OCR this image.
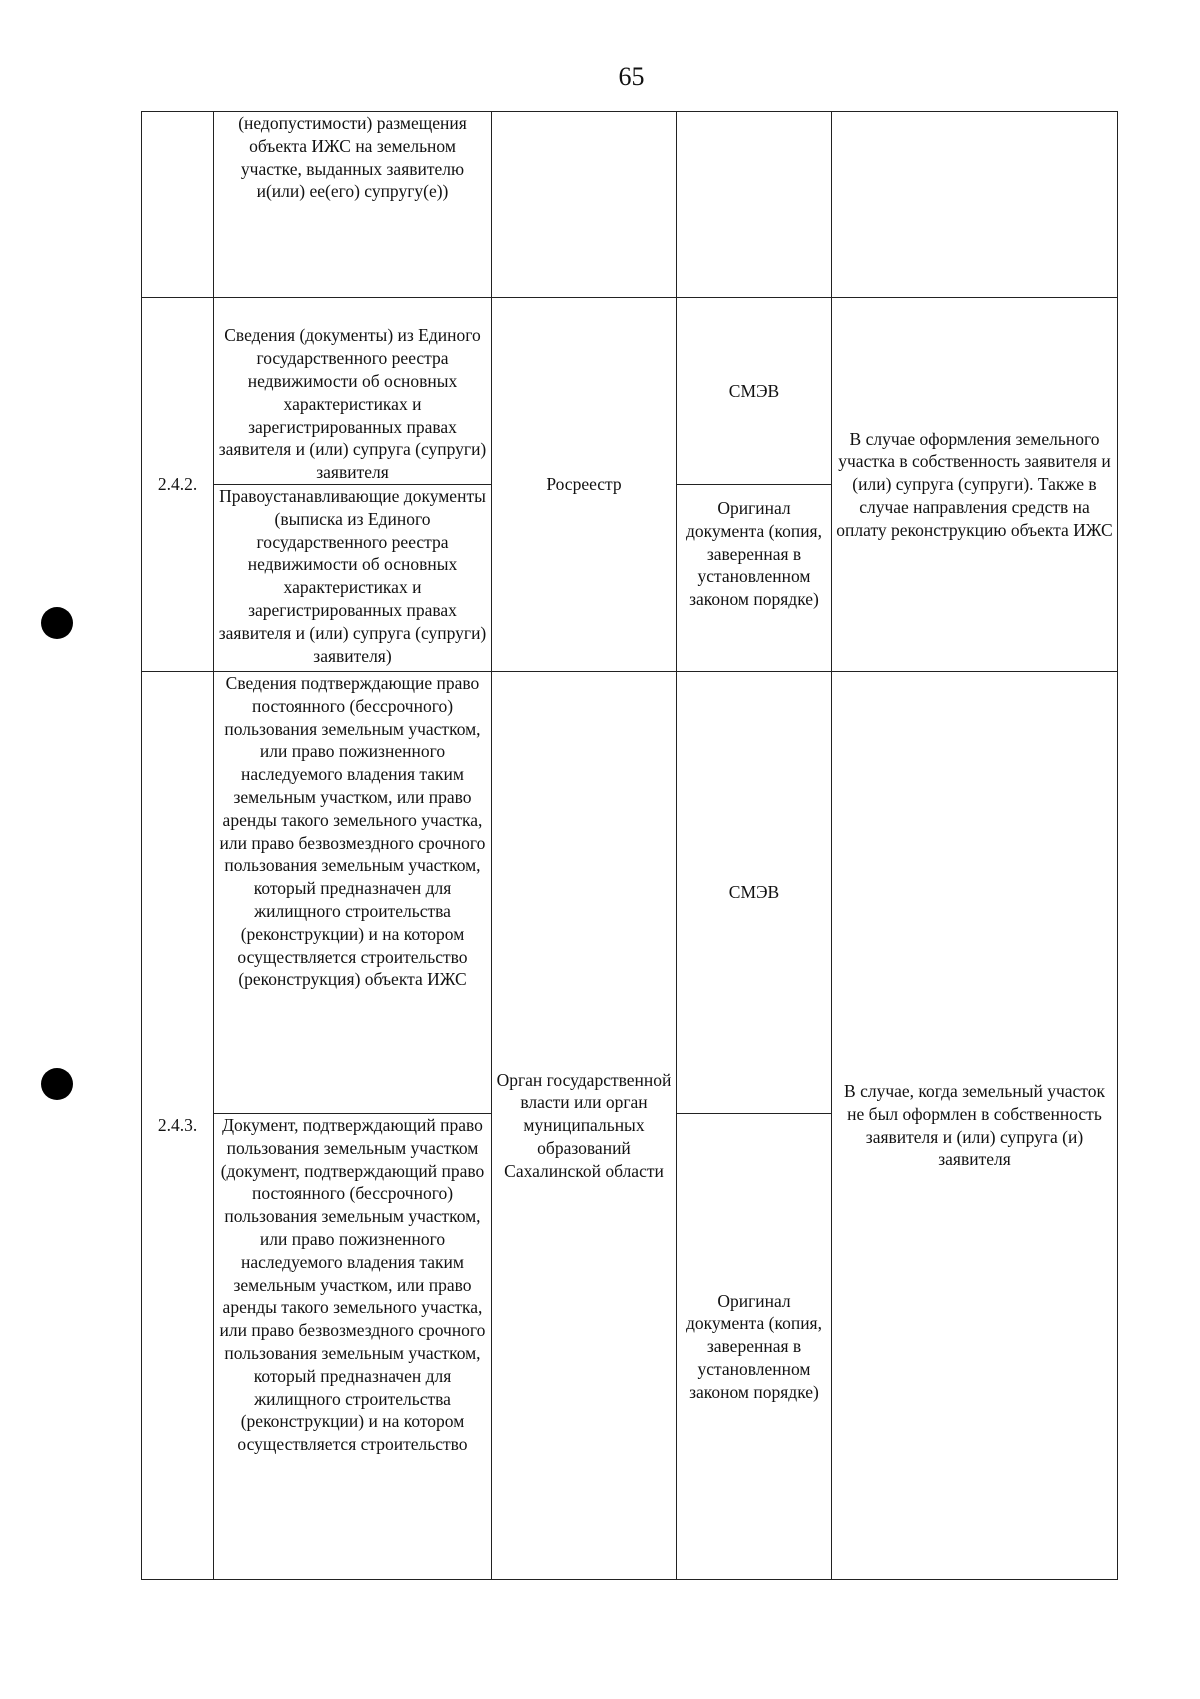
65
	(недопустимости) размещения объекта ИЖС на земельном участке, выданных заявителю и(или) ее(его) супругу(е))			
2.4.2.	Сведения (документы) из Единого государственного реестра недвижимости об основных характеристиках и зарегистрированных правах заявителя и (или) супруга (супруги) заявителя	Росреестр	СМЭВ	В случае оформления земельного участка в собственность заявителя и (или) супруга (супруги). Также в случае направления средств на оплату реконструкцию объекта ИЖС
	Правоустанавливающие документы (выписка из Единого государственного реестра недвижимости об основных характеристиках и зарегистрированных правах заявителя и (или) супруга (супруги) заявителя)		Оригинал документа (копия, заверенная в установленном законом порядке)	
2.4.3.	Сведения подтверждающие право постоянного (бессрочного) пользования земельным участком, или право пожизненного наследуемого владения таким земельным участком, или право аренды такого земельного участка, или право безвозмездного срочного пользования земельным участком, который предназначен для жилищного строительства (реконструкции) и на котором осуществляется строительство (реконструкция) объекта ИЖС	Орган государственной власти или орган муниципальных образований Сахалинской области	СМЭВ	В случае, когда земельный участок не был оформлен в собственность заявителя и (или) супруга (и) заявителя
	Документ, подтверждающий право пользования земельным участком (документ, подтверждающий право постоянного (бессрочного) пользования земельным участком, или право пожизненного наследуемого владения таким земельным участком, или право аренды такого земельного участка, или право безвозмездного срочного пользования земельным участком, который предназначен для жилищного строительства (реконструкции) и на котором осуществляется строительство		Оригинал документа (копия, заверенная в установленном законом порядке)	
